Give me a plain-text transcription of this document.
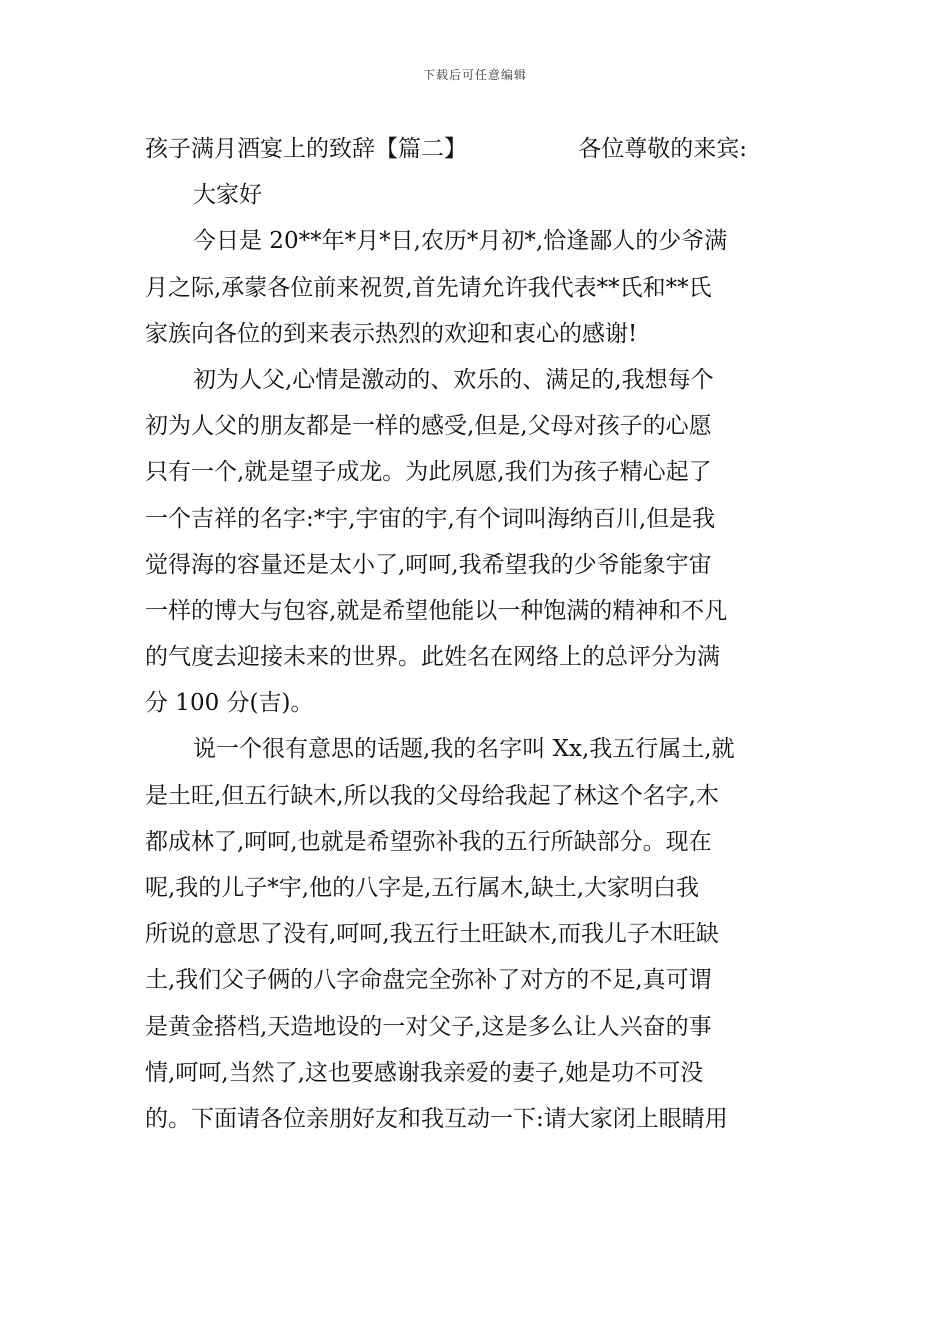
下载后可任意编辑
孩子满月酒宴上的致辞【篇二】	各位尊敬的来宾:
大家好
今日是 20**年*月*日,农历*月初*,恰逢鄙人的少爷满
月之际,承蒙各位前来祝贺,首先请允许我代表**氏和**氏
家族向各位的到来表示热烈的欢迎和衷心的感谢!
初为人父,心情是激动的、欢乐的、满足的,我想每个
初为人父的朋友都是一样的感受,但是,父母对孩子的心愿
只有一个,就是望子成龙。为此夙愿,我们为孩子精心起了
一个吉祥的名字:*宇,宇宙的宇,有个词叫海纳百川,但是我
觉得海的容量还是太小了,呵呵,我希望我的少爷能象宇宙
一样的博大与包容,就是希望他能以一种饱满的精神和不凡
的气度去迎接未来的世界。此姓名在网络上的总评分为满
分 100 分(吉)。
说一个很有意思的话题,我的名字叫 Xx,我五行属土,就
是土旺,但五行缺木,所以我的父母给我起了林这个名字,木
都成林了,呵呵,也就是希望弥补我的五行所缺部分。现在
呢,我的儿子*宇,他的八字是,五行属木,缺土,大家明白我
所说的意思了没有,呵呵,我五行土旺缺木,而我儿子木旺缺
土,我们父子俩的八字命盘完全弥补了对方的不足,真可谓
是黄金搭档,天造地设的一对父子,这是多么让人兴奋的事
情,呵呵,当然了,这也要感谢我亲爱的妻子,她是功不可没
的。下面请各位亲朋好友和我互动一下:请大家闭上眼睛用
